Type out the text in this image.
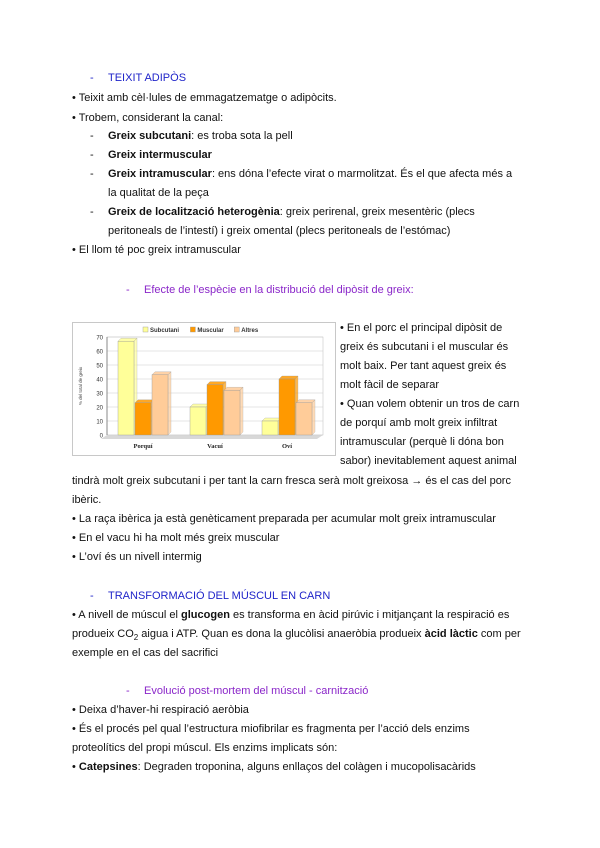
- TEIXIT ADIPÒS
• Teixit amb cèl·lules de emmagatzematge o adipòcits.
• Trobem, considerant la canal:
- Greix subcutani: es troba sota la pell
- Greix intermuscular
- Greix intramuscular: ens dóna l’efecte virat o marmolitzat. És el que afecta més a
la qualitat de la peça
- Greix de localització heterogènia: greix perirenal, greix mesentèric (plecs
peritoneals de l’intestí) i greix omental (plecs peritoneals de l’estómac)
• El llom té poc greix intramuscular
- Efecte de l’espècie en la distribució del dipòsit de greix:
0
10
20
30
40
50
60
70
% del total de greix
Subcutani	Muscular	Altres
Porquí	Vacuí	Oví
• En el porc el principal dipòsit de
greix és subcutani i el muscular és
molt baix. Per tant aquest greix és
molt fàcil de separar
• Quan volem obtenir un tros de carn
de porquí amb molt greix infiltrat
intramuscular (perquè li dóna bon
sabor) inevitablement aquest animal
tindrà molt greix subcutani i per tant la carn fresca serà molt greixosa → és el cas del porc
ibèric.
• La raça ibèrica ja està genèticament preparada per acumular molt greix intramuscular
• En el vacu hi ha molt més greix muscular
• L’oví és un nivell intermig
- TRANSFORMACIÓ DEL MÚSCUL EN CARN
• A nivell de múscul el glucogen es transforma en àcid pirúvic i mitjançant la respiració es
produeix $CO_2$ aigua i ATP. Quan es dona la glucòlisi anaeròbia produeix àcid làctic com per
exemple en el cas del sacrifici
- Evolució post-mortem del múscul - carnització
• Deixa d’haver-hi respiració aeròbia
• És el procés pel qual l’estructura miofibrilar es fragmenta per l’acció dels enzims
proteolítics del propi múscul. Els enzims implicats són:
• Catepsines: Degraden troponina, alguns enllaços del colàgen i mucopolisacàrids
